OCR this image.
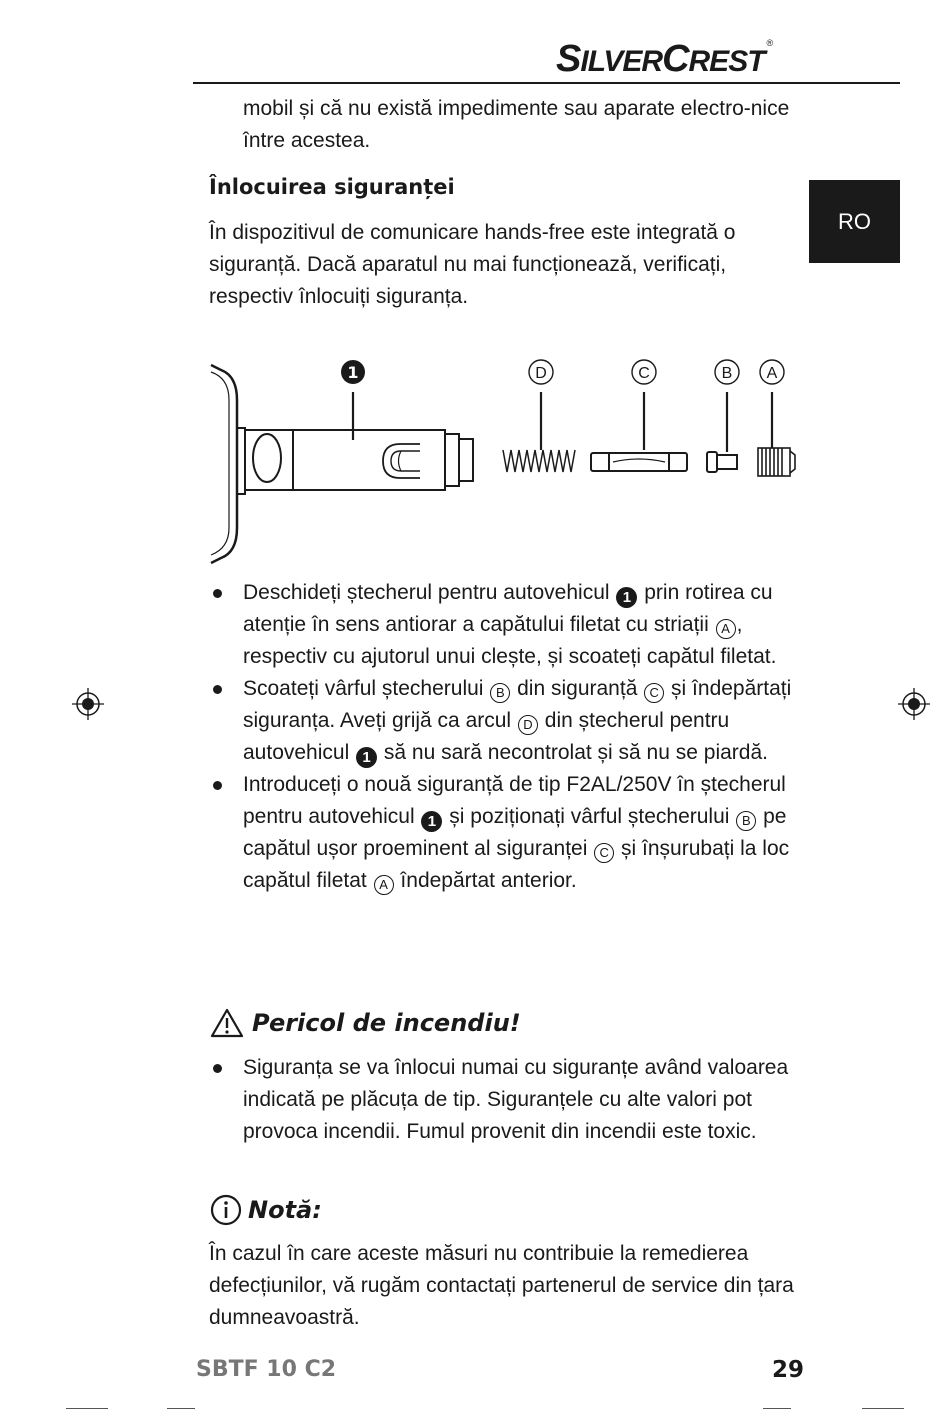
SILVERCREST®
RO
mobil și că nu există impedimente sau aparate electro-nice între acestea.
Înlocuirea siguranței
În dispozitivul de comunicare hands-free este integrată o siguranță. Dacă aparatul nu mai funcționează, verificați, respectiv înlocuiți siguranța.
1	D	C	B A
Deschideți ștecherul pentru autovehicul 1 prin rotirea cu atenție în sens antiorar a capătului filetat cu striații A , respectiv cu ajutorul unui clește, și scoateți capătul filetat.
Scoateți vârful ștecherului B din siguranță C și îndepărtați siguranța. Aveți grijă ca arcul D din ștecherul pentru autovehicul 1 să nu sară necontrolat și să nu se piardă.
Introduceți o nouă siguranță de tip F2AL/250V în ștecherul pentru autovehicul 1 și poziționați vârful ștecherului B pe capătul ușor proeminent al siguranței C și înșurubați la loc capătul filetat A îndepărtat anterior.
Pericol de incendiu!
Siguranța se va înlocui numai cu siguranțe având valoarea indicată pe plăcuța de tip. Siguranțele cu alte valori pot provoca incendii. Fumul provenit din incendii este toxic.
Notă:
În cazul în care aceste măsuri nu contribuie la remedierea defecțiunilor, vă rugăm contactați partenerul de service din țara dumneavoastră.
SBTF 10 C2	29
